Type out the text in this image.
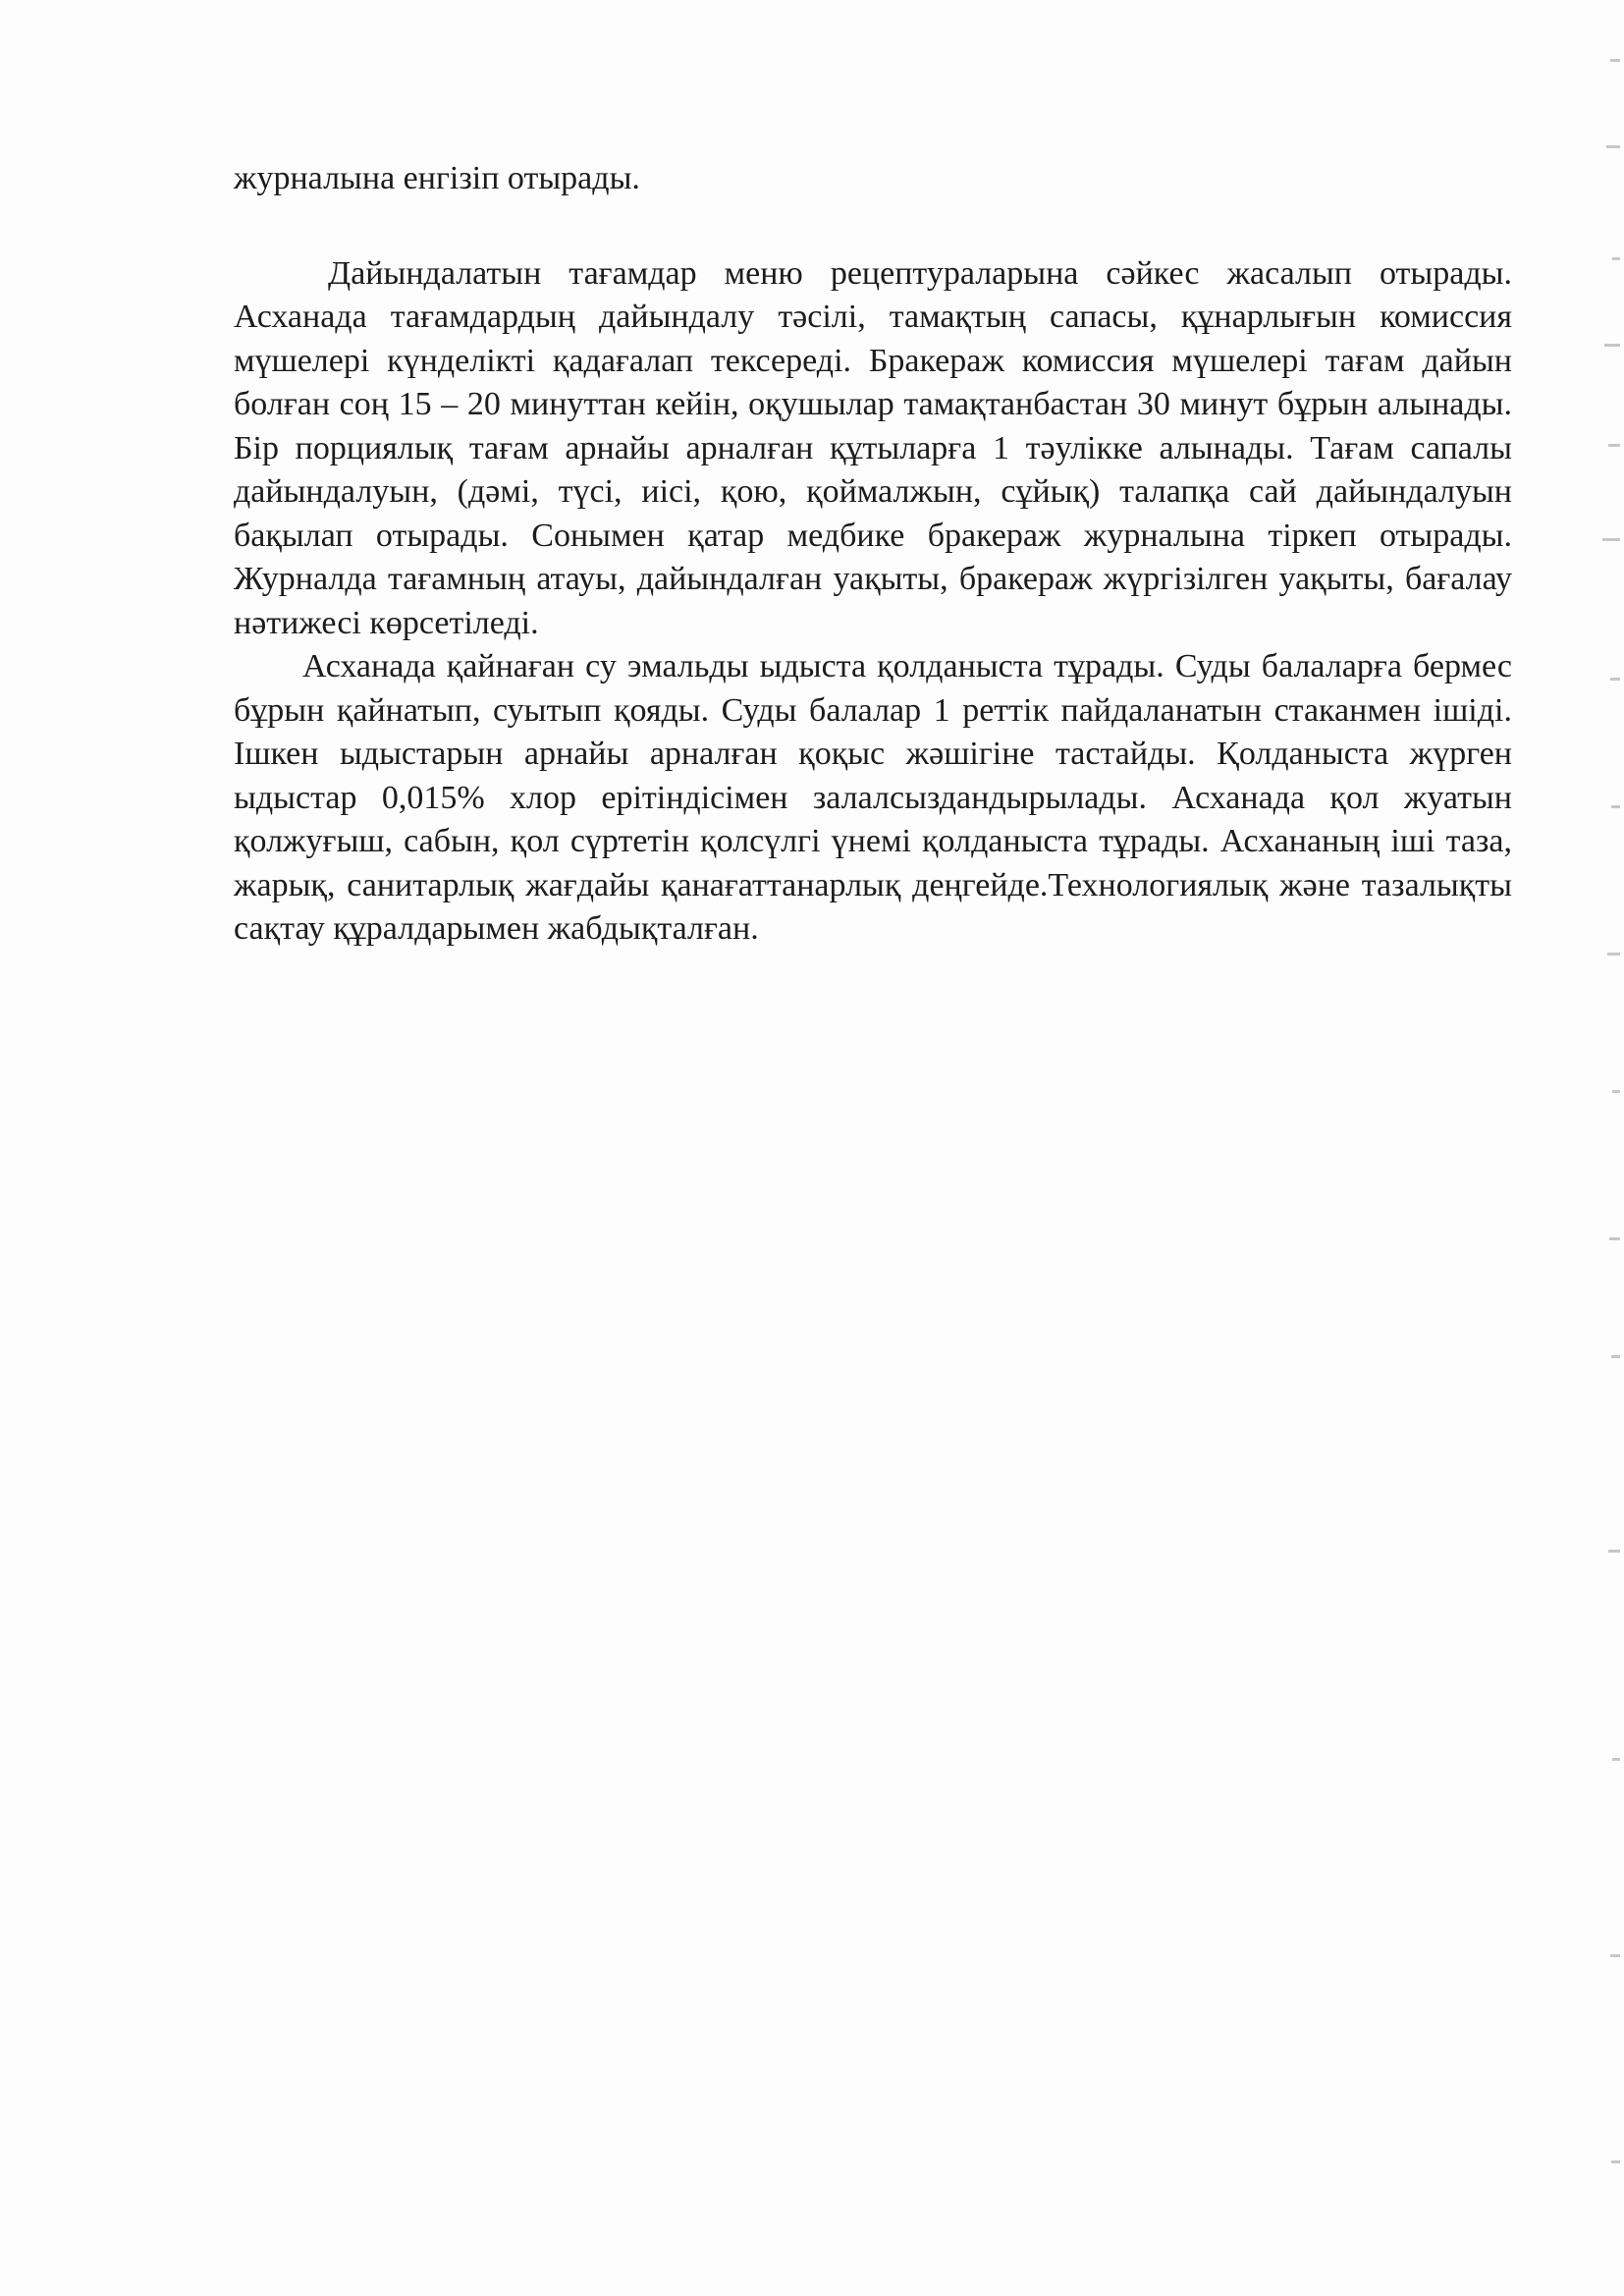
журналына енгізіп отырады.

Дайындалатын тағамдар меню рецептураларына сәйкес жасалып отырады. Асханада тағамдардың дайындалу тәсілі, тамақтың сапасы, құнарлығын комиссия мүшелері күнделікті қадағалап тексереді. Бракераж комиссия мүшелері тағам дайын болған соң 15 – 20 минуттан кейін, оқушылар тамақтанбастан 30 минут бұрын алынады. Бір порциялық тағам арнайы арналған құтыларға 1 тәулікке алынады. Тағам сапалы дайындалуын, (дәмі, түсі, иісі, қою, қоймалжын, сұйық) талапқа сай дайындалуын бақылап отырады. Сонымен қатар медбике бракераж журналына тіркеп отырады. Журналда тағамның атауы, дайындалған уақыты, бракераж жүргізілген уақыты, бағалау нәтижесі көрсетіледі.

Асханада қайнаған су эмальды ыдыста қолданыста тұрады. Суды балаларға бермес бұрын қайнатып, суытып қояды. Суды балалар 1 реттік пайдаланатын стаканмен ішіді. Ішкен ыдыстарын арнайы арналған қоқыс жәшігіне тастайды. Қолданыста жүрген ыдыстар 0,015% хлор ерітіндісімен залалсыздандырылады. Асханада қол жуатын қолжуғыш, сабын, қол сүртетін қолсүлгі үнемі қолданыста тұрады. Асхананың іші таза, жарық, санитарлық жағдайы қанағаттанарлық деңгейде.Технологиялық және тазалықты сақтау құралдарымен жабдықталған.
